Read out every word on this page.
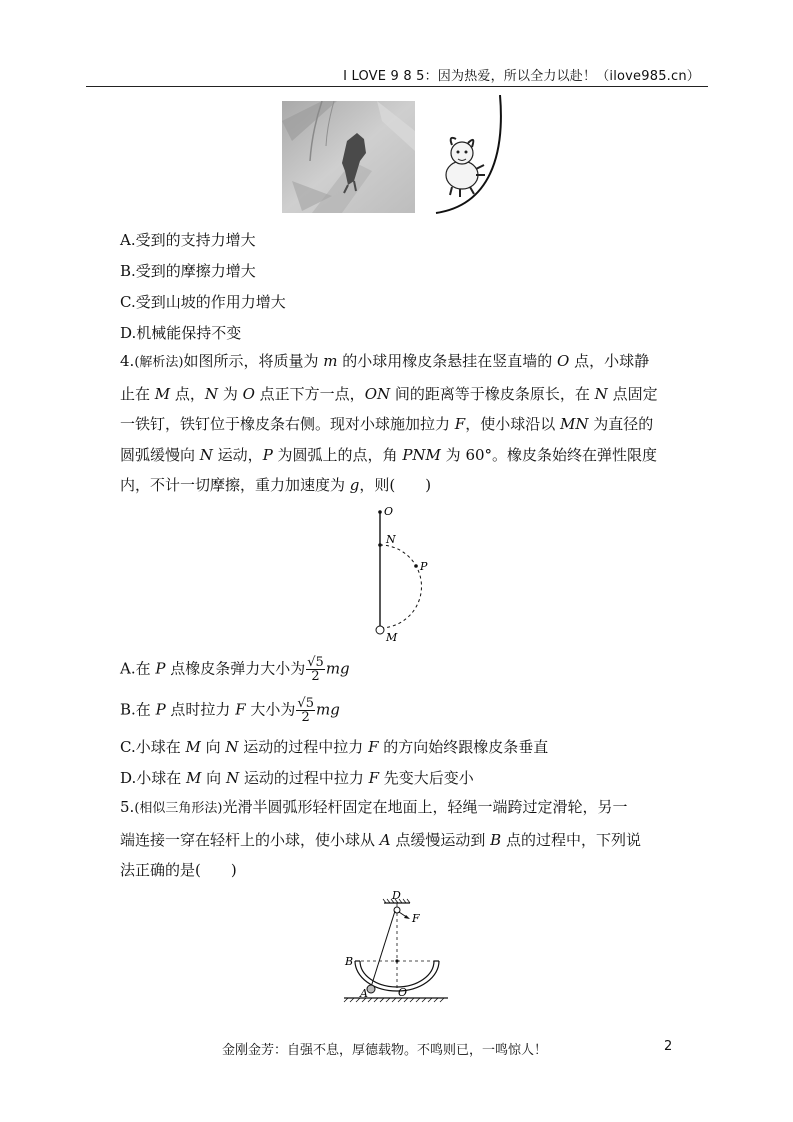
I LOVE 9 8 5：因为热爱，所以全力以赴！（ilove985.cn）
A.受到的支持力增大
B.受到的摩擦力增大
C.受到山坡的作用力增大
D.机械能保持不变
4.(解析法)如图所示，将质量为 m 的小球用橡皮条悬挂在竖直墙的 O 点，小球静
止在 M 点，N 为 O 点正下方一点，ON 间的距离等于橡皮条原长，在 N 点固定
一铁钉，铁钉位于橡皮条右侧。现对小球施加拉力 F，使小球沿以 MN 为直径的
圆弧缓慢向 N 运动，P 为圆弧上的点，角 PNM 为 60°。橡皮条始终在弹性限度
内，不计一切摩擦，重力加速度为 g，则(　　)
O
N
P
M
A.在 P 点橡皮条弹力大小为 $\frac{√5}{2}$ mg
B.在 P 点时拉力 F 大小为 $\frac{√5}{2}$ mg
C.小球在 M 向 N 运动的过程中拉力 F 的方向始终跟橡皮条垂直
D.小球在 M 向 N 运动的过程中拉力 F 先变大后变小
5.(相似三角形法)光滑半圆弧形轻杆固定在地面上，轻绳一端跨过定滑轮，另一
端连接一穿在轻杆上的小球，使小球从 A 点缓慢运动到 B 点的过程中，下列说
法正确的是(　　)
D
F
B
A	O
金刚金芳：自强不息，厚德载物。不鸣则已，一鸣惊人！	2
